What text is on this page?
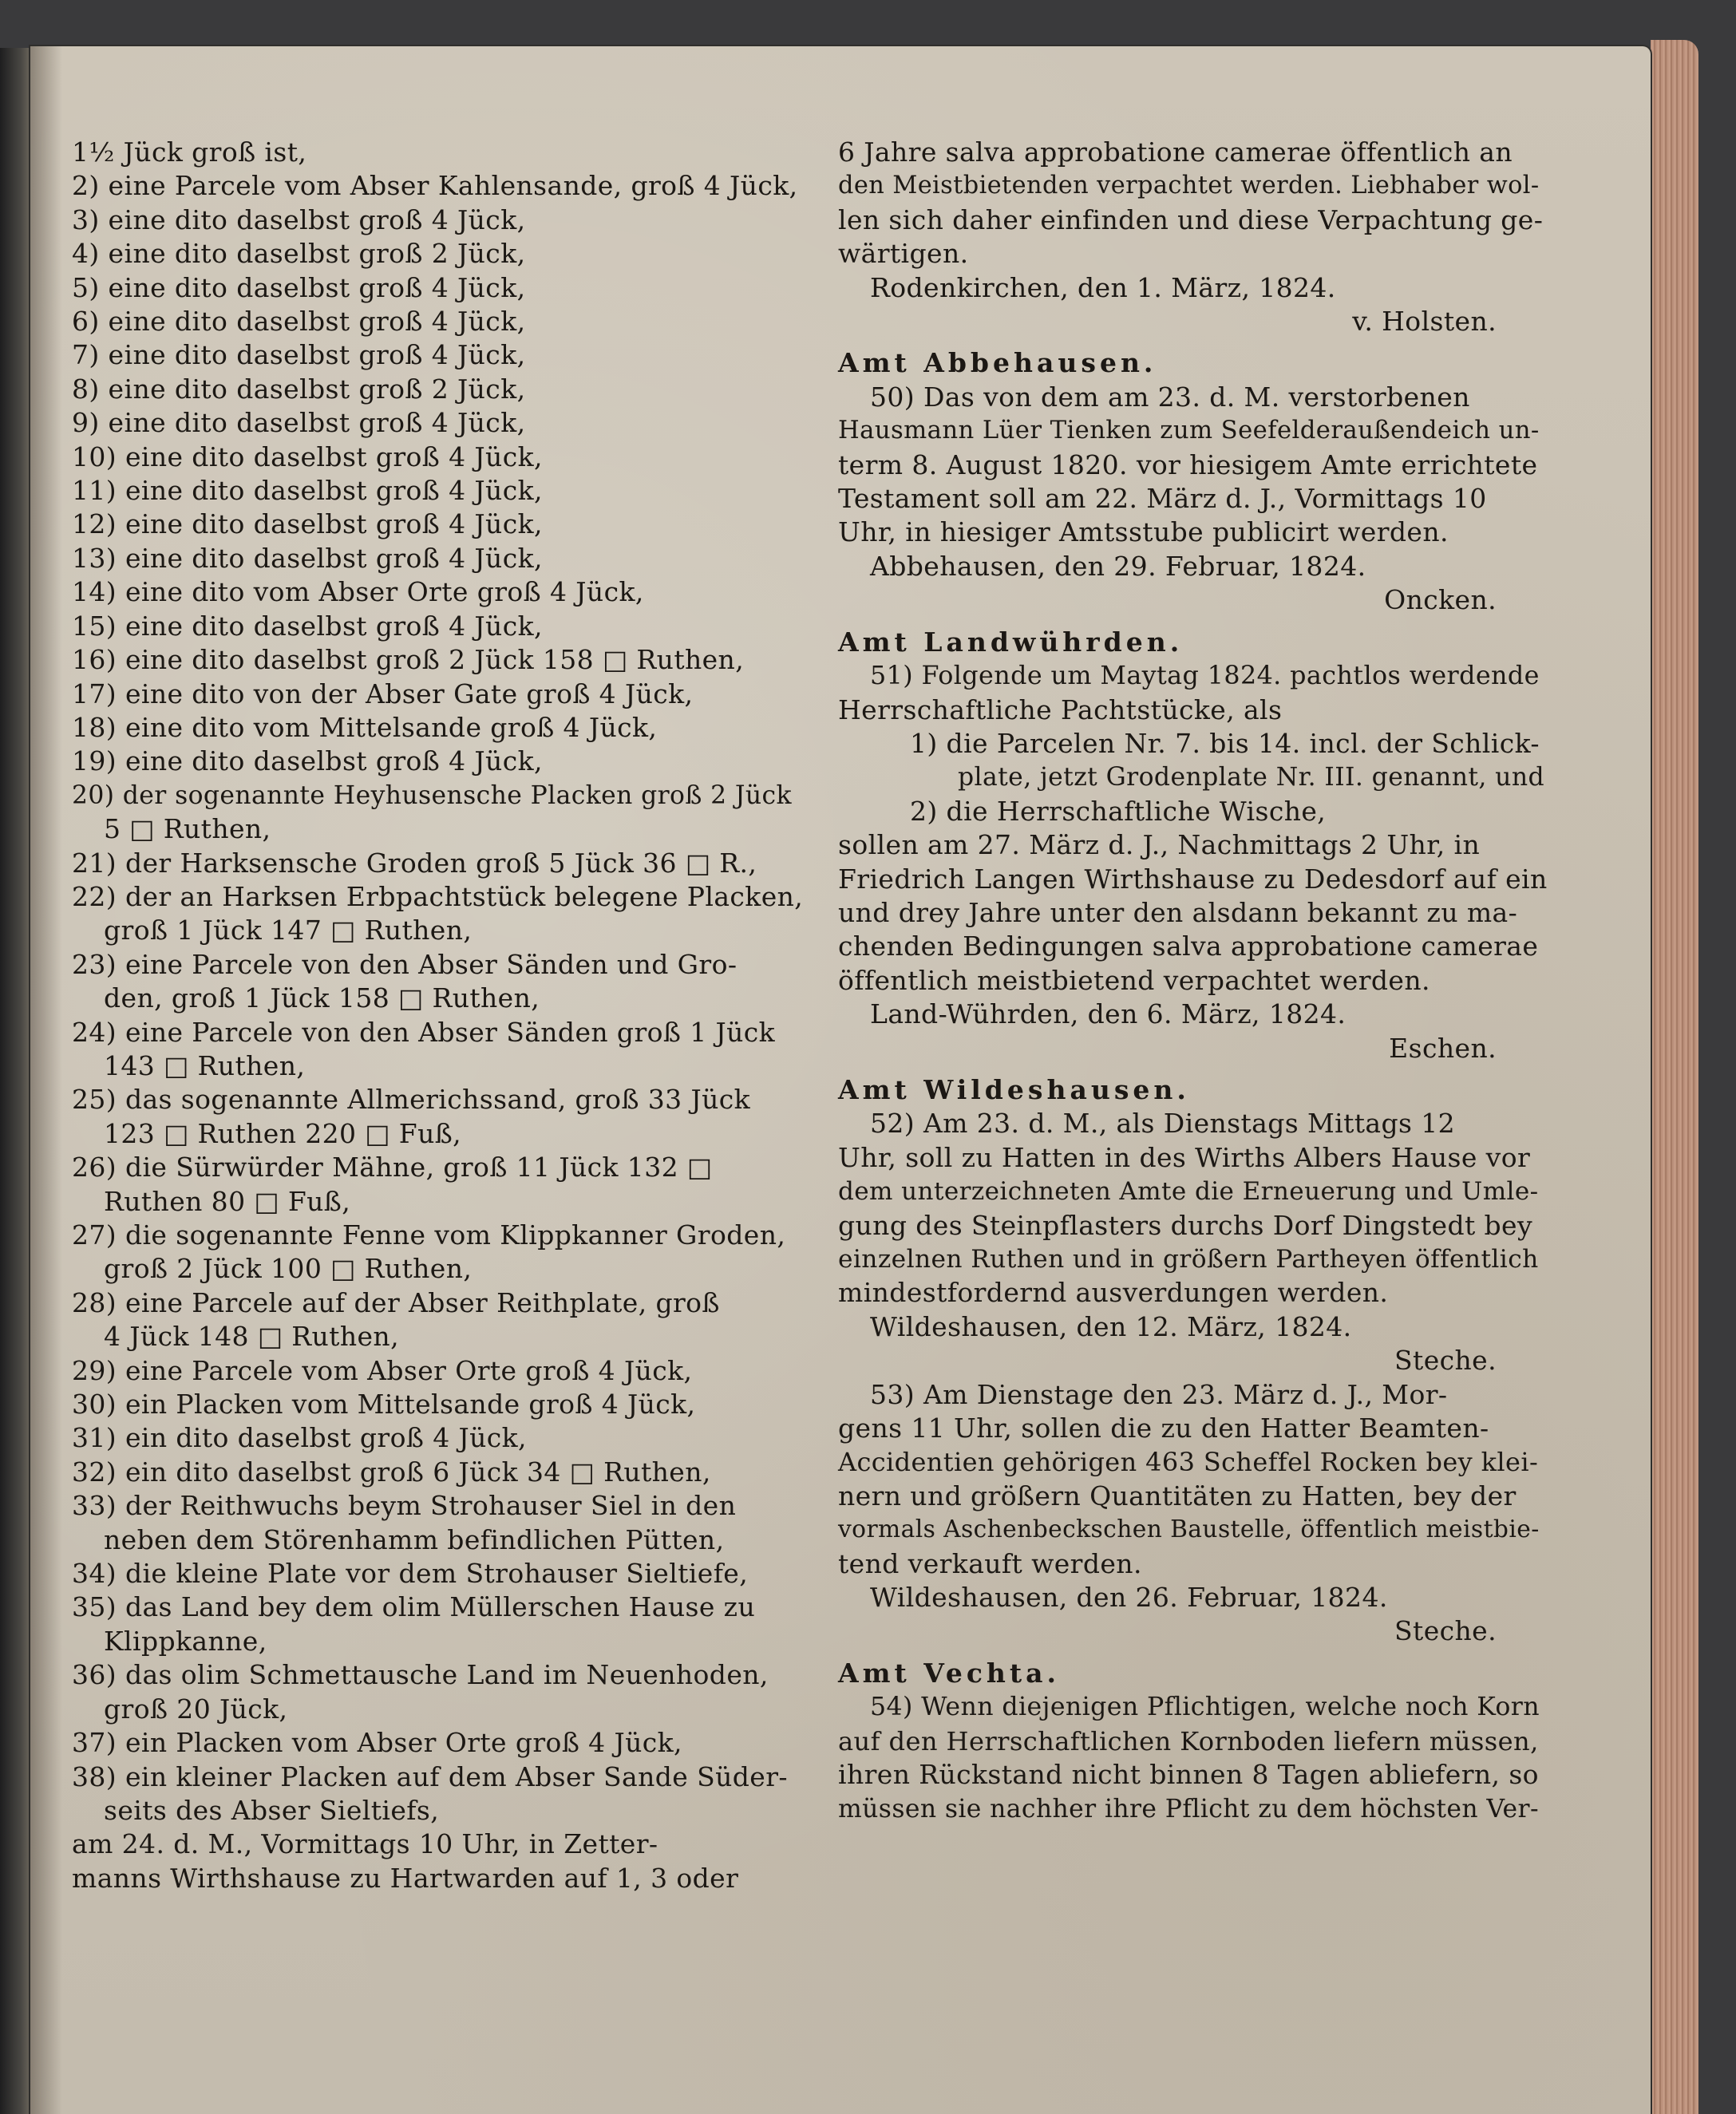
1½ Jück groß ist,
2) eine Parcele vom Abser Kahlensande, groß 4 Jück,
3) eine dito daselbst groß 4 Jück,
4) eine dito daselbst groß 2 Jück,
5) eine dito daselbst groß 4 Jück,
6) eine dito daselbst groß 4 Jück,
7) eine dito daselbst groß 4 Jück,
8) eine dito daselbst groß 2 Jück,
9) eine dito daselbst groß 4 Jück,
10) eine dito daselbst groß 4 Jück,
11) eine dito daselbst groß 4 Jück,
12) eine dito daselbst groß 4 Jück,
13) eine dito daselbst groß 4 Jück,
14) eine dito vom Abser Orte groß 4 Jück,
15) eine dito daselbst groß 4 Jück,
16) eine dito daselbst groß 2 Jück 158 □ Ruthen,
17) eine dito von der Abser Gate groß 4 Jück,
18) eine dito vom Mittelsande groß 4 Jück,
19) eine dito daselbst groß 4 Jück,
20) der sogenannte Heyhusensche Placken groß 2 Jück
5 □ Ruthen,
21) der Harksensche Groden groß 5 Jück 36 □ R.,
22) der an Harksen Erbpachtstück belegene Placken,
groß 1 Jück 147 □ Ruthen,
23) eine Parcele von den Abser Sänden und Gro-
den, groß 1 Jück 158 □ Ruthen,
24) eine Parcele von den Abser Sänden groß 1 Jück
143 □ Ruthen,
25) das sogenannte Allmerichssand, groß 33 Jück
123 □ Ruthen 220 □ Fuß,
26) die Sürwürder Mähne, groß 11 Jück 132 □
Ruthen 80 □ Fuß,
27) die sogenannte Fenne vom Klippkanner Groden,
groß 2 Jück 100 □ Ruthen,
28) eine Parcele auf der Abser Reithplate, groß
4 Jück 148 □ Ruthen,
29) eine Parcele vom Abser Orte groß 4 Jück,
30) ein Placken vom Mittelsande groß 4 Jück,
31) ein dito daselbst groß 4 Jück,
32) ein dito daselbst groß 6 Jück 34 □ Ruthen,
33) der Reithwuchs beym Strohauser Siel in den
neben dem Störenhamm befindlichen Pütten,
34) die kleine Plate vor dem Strohauser Sieltiefe,
35) das Land bey dem olim Müllerschen Hause zu
Klippkanne,
36) das olim Schmettausche Land im Neuenhoden,
groß 20 Jück,
37) ein Placken vom Abser Orte groß 4 Jück,
38) ein kleiner Placken auf dem Abser Sande Süder-
seits des Abser Sieltiefs,
am 24. d. M., Vormittags 10 Uhr, in Zetter-
manns Wirthshause zu Hartwarden auf 1, 3 oder
6 Jahre salva approbatione camerae öffentlich an
den Meistbietenden verpachtet werden. Liebhaber wol-
len sich daher einfinden und diese Verpachtung ge-
wärtigen.
Rodenkirchen, den 1. März, 1824.
v. Holsten.
Amt Abbehausen.
50) Das von dem am 23. d. M. verstorbenen
Hausmann Lüer Tienken zum Seefelderaußendeich un-
term 8. August 1820. vor hiesigem Amte errichtete
Testament soll am 22. März d. J., Vormittags 10
Uhr, in hiesiger Amtsstube publicirt werden.
Abbehausen, den 29. Februar, 1824.
Oncken.
Amt Landwührden.
51) Folgende um Maytag 1824. pachtlos werdende
Herrschaftliche Pachtstücke, als
1) die Parcelen Nr. 7. bis 14. incl. der Schlick-
plate, jetzt Grodenplate Nr. III. genannt, und
2) die Herrschaftliche Wische,
sollen am 27. März d. J., Nachmittags 2 Uhr, in
Friedrich Langen Wirthshause zu Dedesdorf auf ein
und drey Jahre unter den alsdann bekannt zu ma-
chenden Bedingungen salva approbatione camerae
öffentlich meistbietend verpachtet werden.
Land-Wührden, den 6. März, 1824.
Eschen.
Amt Wildeshausen.
52) Am 23. d. M., als Dienstags Mittags 12
Uhr, soll zu Hatten in des Wirths Albers Hause vor
dem unterzeichneten Amte die Erneuerung und Umle-
gung des Steinpflasters durchs Dorf Dingstedt bey
einzelnen Ruthen und in größern Partheyen öffentlich
mindestfordernd ausverdungen werden.
Wildeshausen, den 12. März, 1824.
Steche.
53) Am Dienstage den 23. März d. J., Mor-
gens 11 Uhr, sollen die zu den Hatter Beamten-
Accidentien gehörigen 463 Scheffel Rocken bey klei-
nern und größern Quantitäten zu Hatten, bey der
vormals Aschenbeckschen Baustelle, öffentlich meistbie-
tend verkauft werden.
Wildeshausen, den 26. Februar, 1824.
Steche.
Amt Vechta.
54) Wenn diejenigen Pflichtigen, welche noch Korn
auf den Herrschaftlichen Kornboden liefern müssen,
ihren Rückstand nicht binnen 8 Tagen abliefern, so
müssen sie nachher ihre Pflicht zu dem höchsten Ver-
